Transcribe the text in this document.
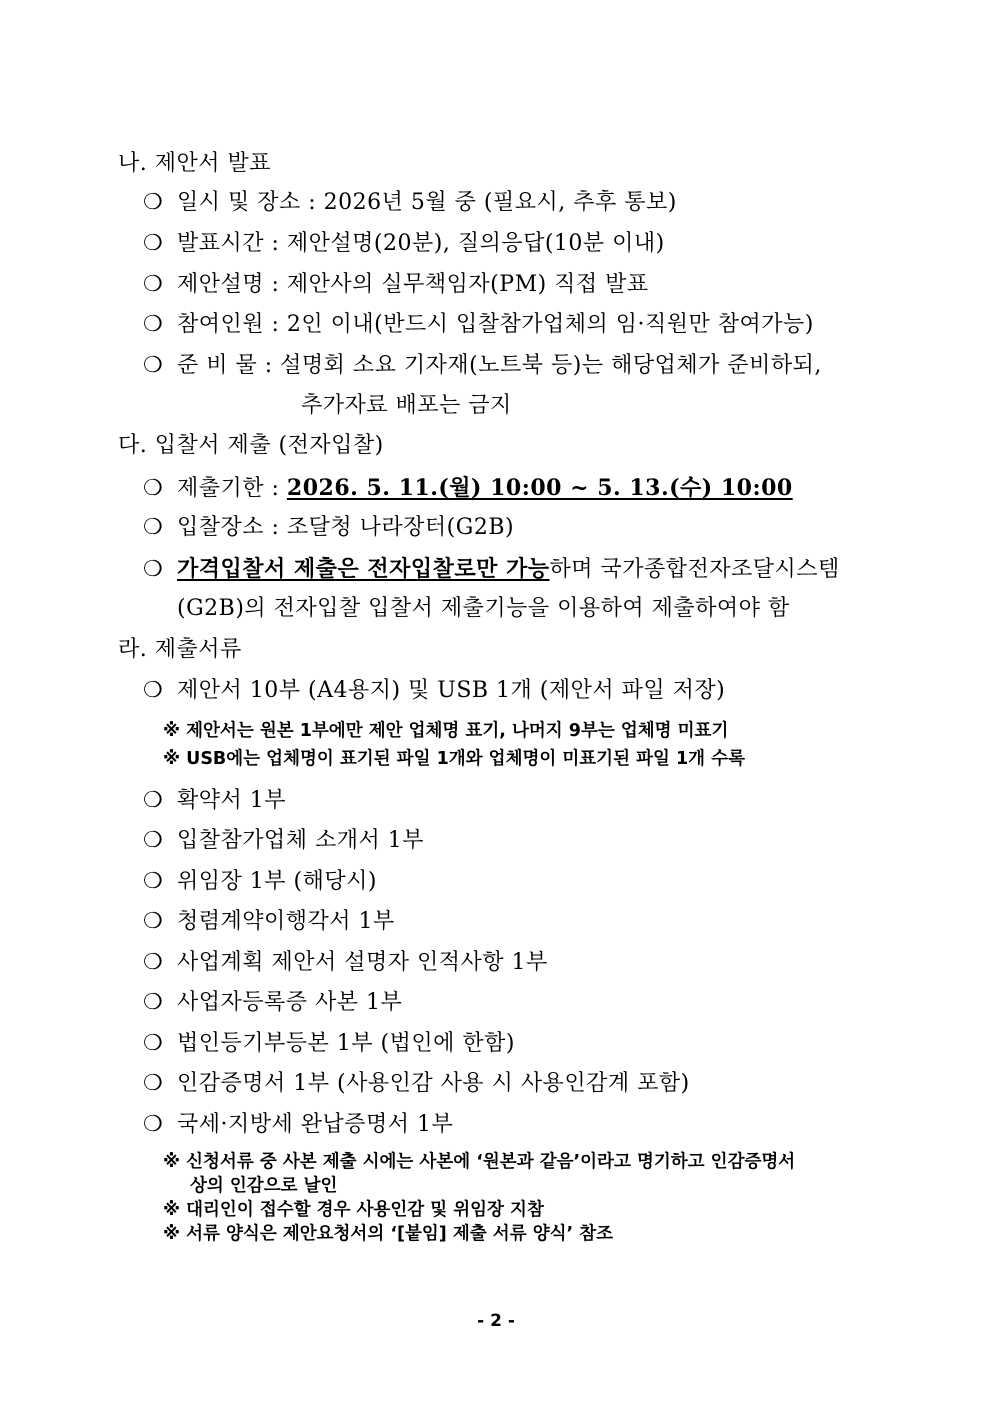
나. 제안서 발표
❍ 일시 및 장소 : 2026년 5월 중 (필요시, 추후 통보)
❍ 발표시간 : 제안설명(20분), 질의응답(10분 이내)
❍ 제안설명 : 제안사의 실무책임자(PM) 직접 발표
❍ 참여인원 : 2인 이내(반드시 입찰참가업체의 임·직원만 참여가능)
❍ 준 비 물 : 설명회 소요 기자재(노트북 등)는 해당업체가 준비하되,
추가자료 배포는 금지
다. 입찰서 제출 (전자입찰)
❍ 제출기한 : 2026. 5. 11.(월) 10:00 ~ 5. 13.(수) 10:00
❍ 입찰장소 : 조달청 나라장터(G2B)
❍ 가격입찰서 제출은 전자입찰로만 가능하며 국가종합전자조달시스템
(G2B)의 전자입찰 입찰서 제출기능을 이용하여 제출하여야 함
라. 제출서류
❍ 제안서 10부 (A4용지) 및 USB 1개 (제안서 파일 저장)
※ 제안서는 원본 1부에만 제안 업체명 표기, 나머지 9부는 업체명 미표기
※ USB에는 업체명이 표기된 파일 1개와 업체명이 미표기된 파일 1개 수록
❍ 확약서 1부
❍ 입찰참가업체 소개서 1부
❍ 위임장 1부 (해당시)
❍ 청렴계약이행각서 1부
❍ 사업계획 제안서 설명자 인적사항 1부
❍ 사업자등록증 사본 1부
❍ 법인등기부등본 1부 (법인에 한함)
❍ 인감증명서 1부 (사용인감 사용 시 사용인감계 포함)
❍ 국세·지방세 완납증명서 1부
※ 신청서류 중 사본 제출 시에는 사본에 ‘원본과 같음’이라고 명기하고 인감증명서
상의 인감으로 날인
※ 대리인이 접수할 경우 사용인감 및 위임장 지참
※ 서류 양식은 제안요청서의 ‘[붙임] 제출 서류 양식’ 참조
- 2 -
